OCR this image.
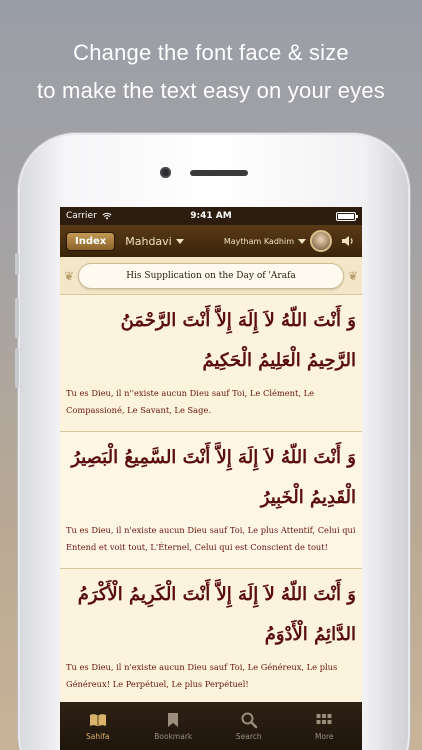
Change the font face & size
to make the text easy on your eyes
Carrier	9:41 AM
Index	Mahdavi	Maytham Kadhim
❦	His Supplication on the Day of 'Arafa	❦
وَ أَنْتَ اللّهُ لاَ إِلَهَ إِلاَّ أَنْتَ الرَّحْمَنُ الرَّحِيمُ الْعَلِيمُ الْحَكِيمُ
Tu es Dieu, il n''existe aucun Dieu sauf Toi, Le Clément, Le Compassioné, Le Savant, Le Sage.
وَ أَنْتَ اللّهُ لاَ إِلَهَ إِلاَّ أَنْتَ السَّمِيعُ الْبَصِيرُ الْقَدِيمُ الْخَبِيرُ
Tu es Dieu, il n'existe aucun Dieu sauf Toi, Le plus Attentif, Celui qui Entend et voit tout, L'Éternel, Celui qui est Conscient de tout!
وَ أَنْتَ اللّهُ لاَ إِلَهَ إِلاَّ أَنْتَ الْكَرِيمُ الْأَكْرَمُ الدَّائِمُ الْأَدْوَمُ
Tu es Dieu, il n'existe aucun Dieu sauf Toi, Le Généreux, Le plus Généreux! Le Perpétuel, Le plus Perpétuel!
Sahifa	Bookmark	Search	More
